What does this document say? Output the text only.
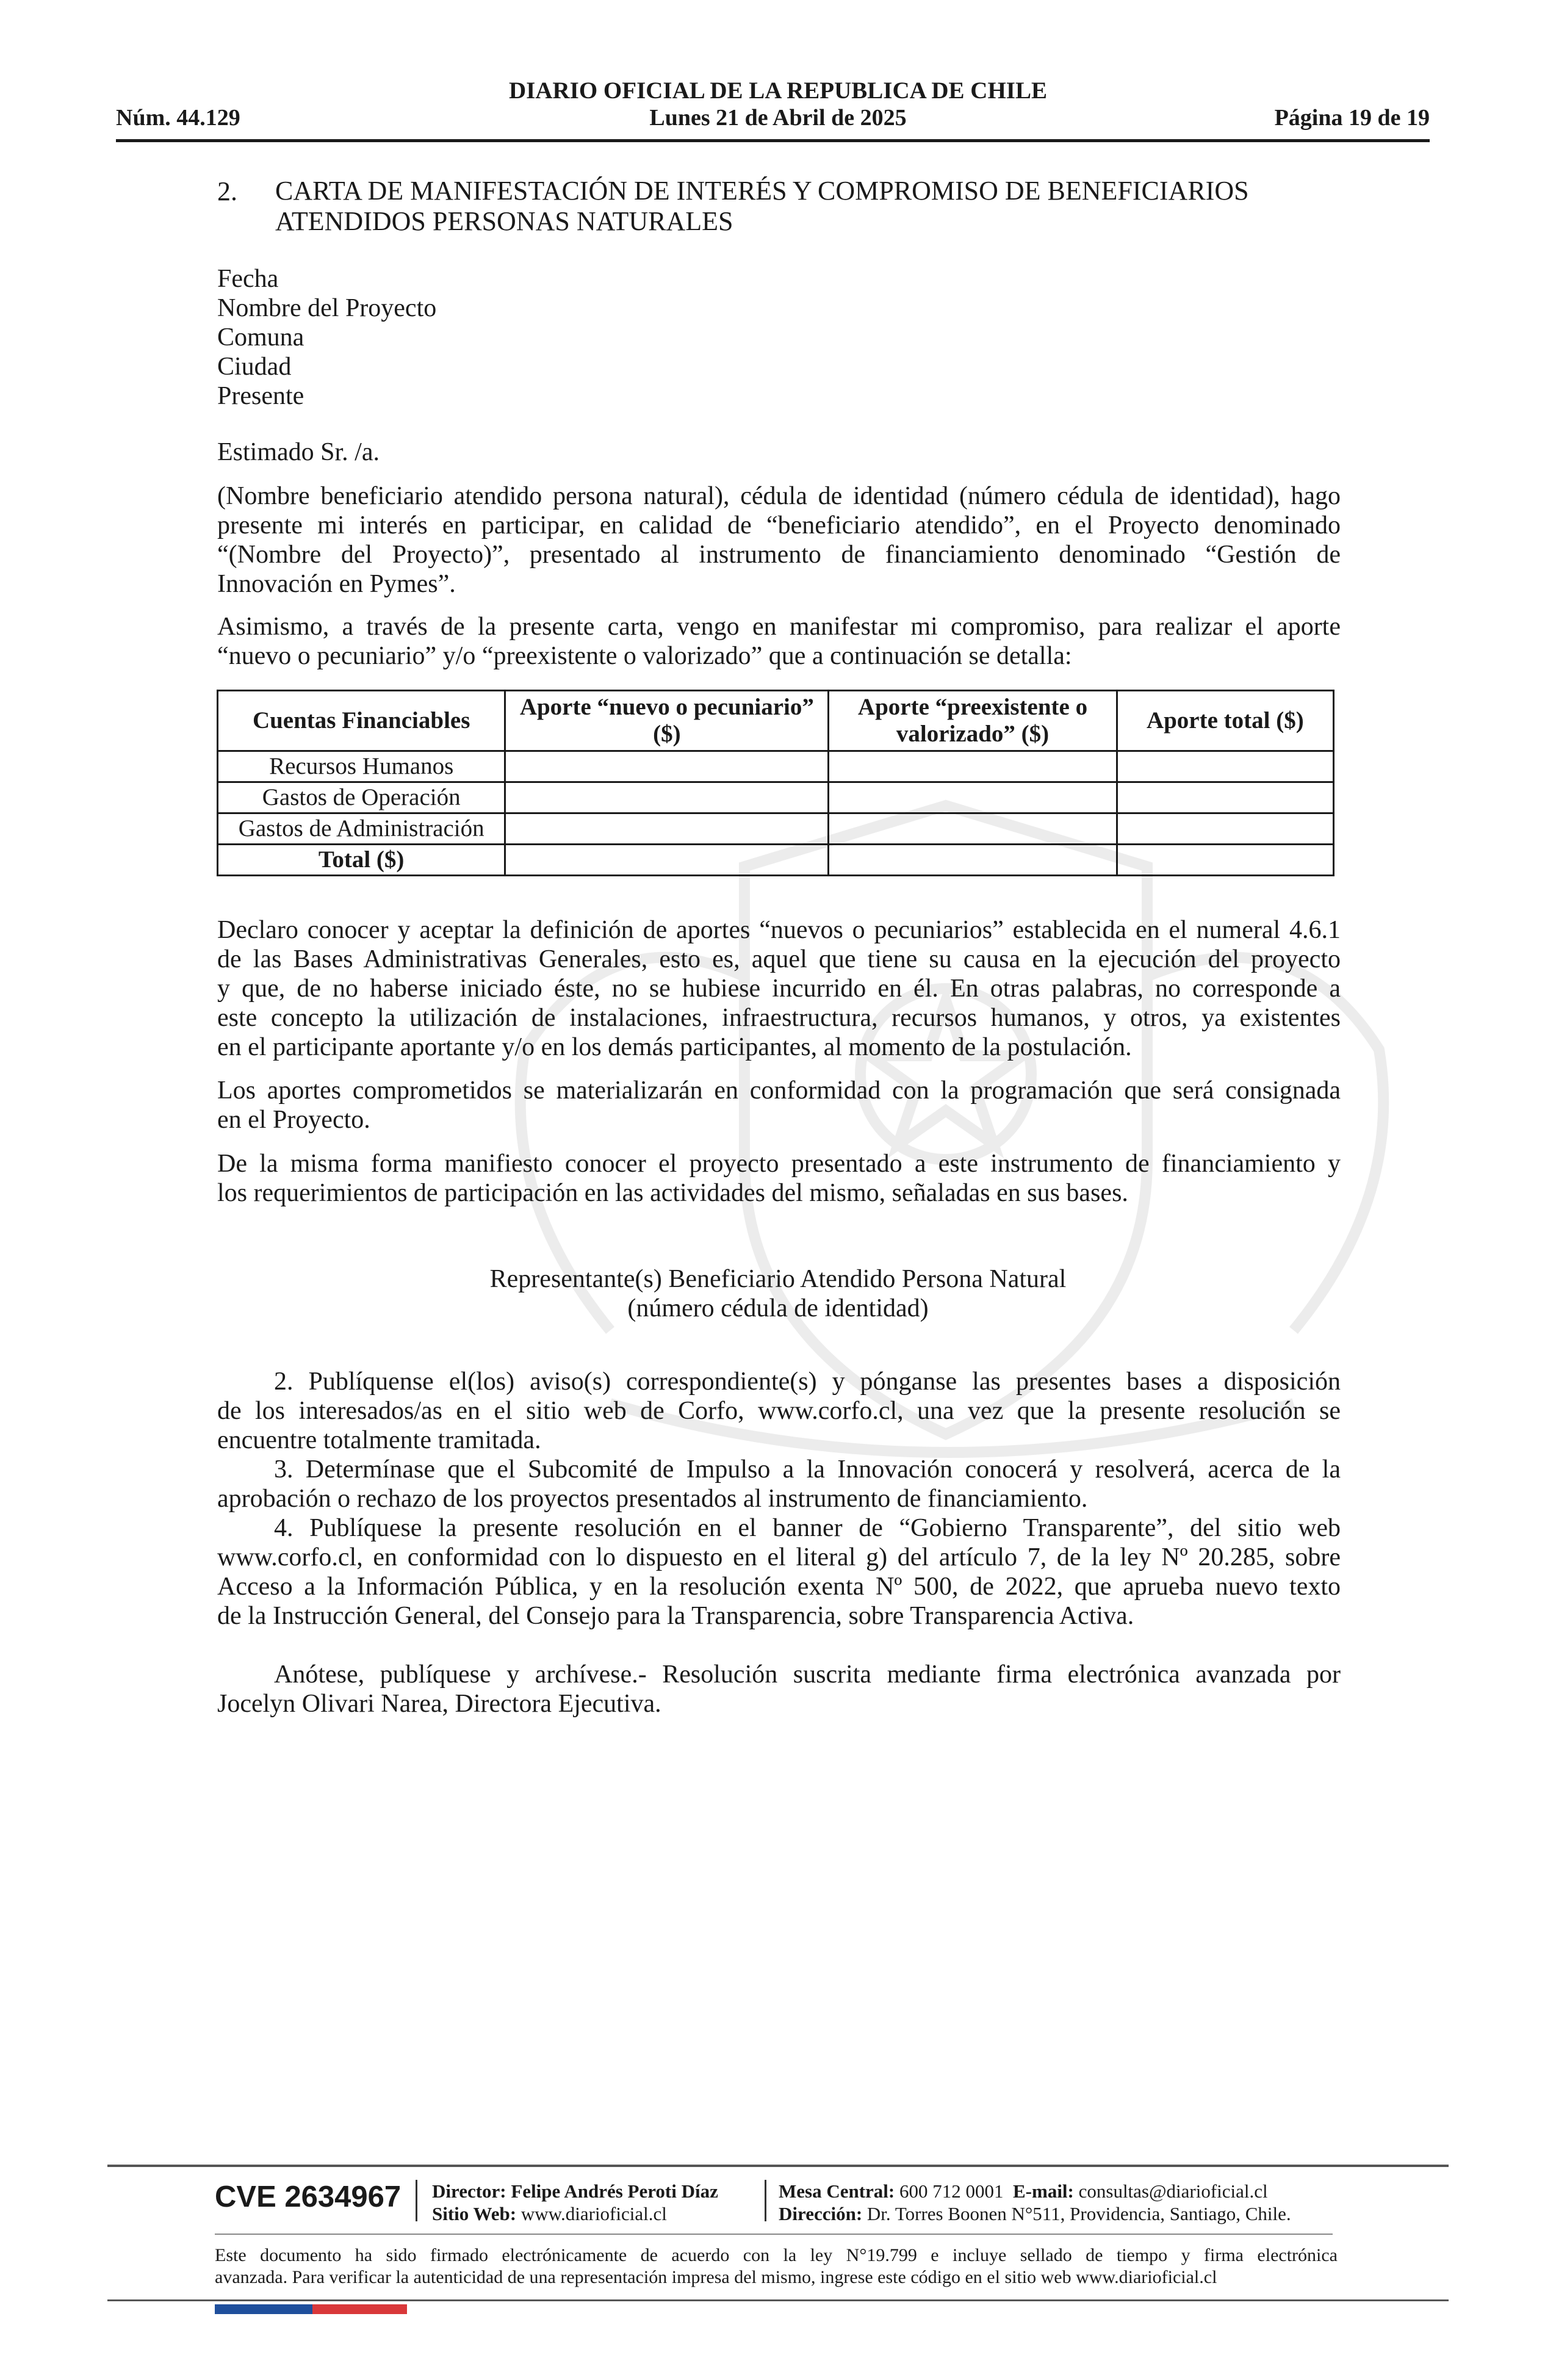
DIARIO OFICIAL DE LA REPUBLICA DE CHILE
Núm. 44.129	Lunes 21 de Abril de 2025	Página 19 de 19
2. CARTA DE MANIFESTACIÓN DE INTERÉS Y COMPROMISO DE BENEFICIARIOS
ATENDIDOS PERSONAS NATURALES
Fecha
Nombre del Proyecto
Comuna
Ciudad
Presente
Estimado Sr. /a.
(Nombre beneficiario atendido persona natural), cédula de identidad (número cédula de identidad), hago
presente mi interés en participar, en calidad de “beneficiario atendido”, en el Proyecto denominado
“(Nombre del Proyecto)”, presentado al instrumento de financiamiento denominado “Gestión de
Innovación en Pymes”.
Asimismo, a través de la presente carta, vengo en manifestar mi compromiso, para realizar el aporte
“nuevo o pecuniario” y/o “preexistente o valorizado” que a continuación se detalla:
Cuentas Financiables	Aporte “nuevo o pecuniario” ($)	Aporte “preexistente o valorizado” ($)	Aporte total ($)
Recursos Humanos			
Gastos de Operación			
Gastos de Administración			
Total ($)			
Declaro conocer y aceptar la definición de aportes “nuevos o pecuniarios” establecida en el numeral 4.6.1
de las Bases Administrativas Generales, esto es, aquel que tiene su causa en la ejecución del proyecto
y que, de no haberse iniciado éste, no se hubiese incurrido en él. En otras palabras, no corresponde a
este concepto la utilización de instalaciones, infraestructura, recursos humanos, y otros, ya existentes
en el participante aportante y/o en los demás participantes, al momento de la postulación.
Los aportes comprometidos se materializarán en conformidad con la programación que será consignada
en el Proyecto.
De la misma forma manifiesto conocer el proyecto presentado a este instrumento de financiamiento y
los requerimientos de participación en las actividades del mismo, señaladas en sus bases.
Representante(s) Beneficiario Atendido Persona Natural
(número cédula de identidad)
2. Publíquense el(los) aviso(s) correspondiente(s) y pónganse las presentes bases a disposición
de los interesados/as en el sitio web de Corfo, www.corfo.cl, una vez que la presente resolución se
encuentre totalmente tramitada.
3. Determínase que el Subcomité de Impulso a la Innovación conocerá y resolverá, acerca de la
aprobación o rechazo de los proyectos presentados al instrumento de financiamiento.
4. Publíquese la presente resolución en el banner de “Gobierno Transparente”, del sitio web
www.corfo.cl, en conformidad con lo dispuesto en el literal g) del artículo 7, de la ley Nº 20.285, sobre
Acceso a la Información Pública, y en la resolución exenta Nº 500, de 2022, que aprueba nuevo texto
de la Instrucción General, del Consejo para la Transparencia, sobre Transparencia Activa.
Anótese, publíquese y archívese.- Resolución suscrita mediante firma electrónica avanzada por
Jocelyn Olivari Narea, Directora Ejecutiva.
CVE 2634967 Director: Felipe Andrés Peroti Díaz
Sitio Web: www.diarioficial.cl
Mesa Central: 600 712 0001 E-mail: consultas@diarioficial.cl
Dirección: Dr. Torres Boonen N°511, Providencia, Santiago, Chile.
Este documento ha sido firmado electrónicamente de acuerdo con la ley N°19.799 e incluye sellado de tiempo y firma electrónica
avanzada. Para verificar la autenticidad de una representación impresa del mismo, ingrese este código en el sitio web www.diarioficial.cl
